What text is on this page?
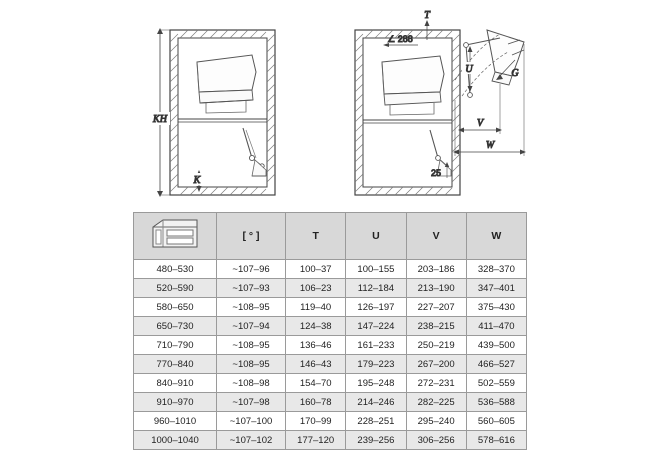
KH
K
∠ 288
T
U	G
V
W
25
	[ ° ]	T	U	V	W
480–530	~107–96	100–37	100–155	203–186	328–370
520–590	~107–93	106–23	112–184	213–190	347–401
580–650	~108–95	119–40	126–197	227–207	375–430
650–730	~107–94	124–38	147–224	238–215	411–470
710–790	~108–95	136–46	161–233	250–219	439–500
770–840	~108–95	146–43	179–223	267–200	466–527
840–910	~108–98	154–70	195–248	272–231	502–559
910–970	~107–98	160–78	214–246	282–225	536–588
960–1010	~107–100	170–99	228–251	295–240	560–605
1000–1040	~107–102	177–120	239–256	306–256	578–616
